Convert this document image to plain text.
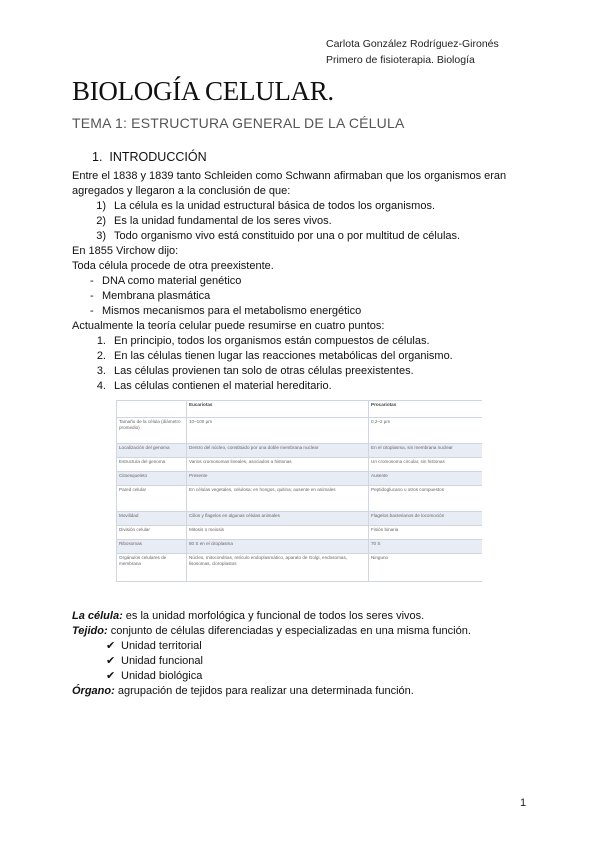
Carlota González Rodríguez-Gironés
Primero de fisioterapia. Biología
BIOLOGÍA CELULAR.
TEMA 1: ESTRUCTURA GENERAL DE LA CÉLULA
1. INTRODUCCIÓN

Entre el 1838 y 1839 tanto Schleiden como Schwann afirmaban que los organismos eran agregados y llegaron a la conclusión de que:

1) La célula es la unidad estructural básica de todos los organismos.
2) Es la unidad fundamental de los seres vivos.
3) Todo organismo vivo está constituido por una o por multitud de células.

En 1855 Virchow dijo:

Toda célula procede de otra preexistente.

- DNA como material genético
- Membrana plasmática
- Mismos mecanismos para el metabolismo energético

Actualmente la teoría celular puede resumirse en cuatro puntos:

1. En principio, todos los organismos están compuestos de células.
2. En las células tienen lugar las reacciones metabólicas del organismo.
3. Las células provienen tan solo de otras células preexistentes.
4. Las células contienen el material hereditario.
	Eucariotas	Procariotas
Tamaño de la célula (diámetro promedio)	10–100 µm	0,2–2 µm
Localización del genoma	Dentro del núcleo, constituido por una doble membrana nuclear	En el citoplasma, sin membrana nuclear
Estructura del genoma	Varios cromosomas lineales, asociados a histonas	Un cromosoma circular, sin histonas
Citoesqueleto	Presente	Ausente
Pared celular	En células vegetales, celulosa; en hongos, quitina; ausente en animales	Peptidoglucano u otros compuestos
Movilidad	Cilios y flagelos en algunas células animales	Flagelos bacterianos de locomoción
División celular	Mitosis o meiosis	Fisión binaria
Ribosomas	80 S en el citoplasma	70 S
Orgánulos celulares de membrana	Núcleo, mitocondrias, retículo endoplasmático, aparato de Golgi, endosomas, lisosomas, cloroplastos	Ninguno

La célula: es la unidad morfológica y funcional de todos los seres vivos.

Tejido: conjunto de células diferenciadas y especializadas en una misma función.

✔ Unidad territorial
✔ Unidad funcional
✔ Unidad biológica

Órgano: agrupación de tejidos para realizar una determinada función.

1
